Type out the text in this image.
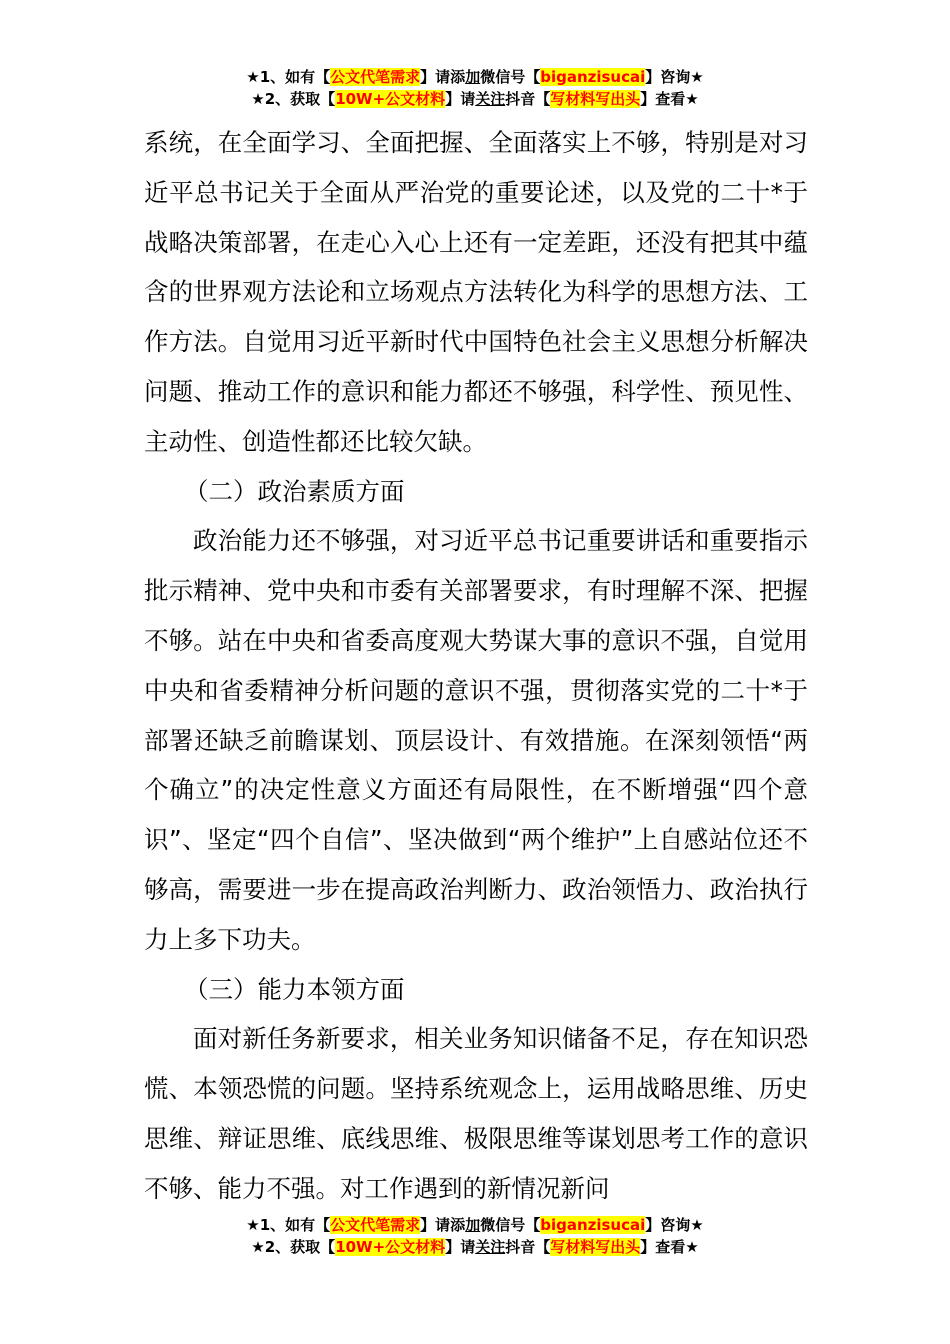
★1、如有【公文代笔需求】请添加微信号【biganzisucai】咨询★
★2、获取【10W+公文材料】请关注抖音【写材料写出头】查看★

系统，在全面学习、全面把握、全面落实上不够，特别是对习近平总书记关于全面从严治党的重要论述，以及党的二十*于战略决策部署，在走心入心上还有一定差距，还没有把其中蕴含的世界观方法论和立场观点方法转化为科学的思想方法、工作方法。自觉用习近平新时代中国特色社会主义思想分析解决问题、推动工作的意识和能力都还不够强，科学性、预见性、主动性、创造性都还比较欠缺。

（二）政治素质方面

政治能力还不够强，对习近平总书记重要讲话和重要指示批示精神、党中央和市委有关部署要求，有时理解不深、把握不够。站在中央和省委高度观大势谋大事的意识不强，自觉用中央和省委精神分析问题的意识不强，贯彻落实党的二十*于部署还缺乏前瞻谋划、顶层设计、有效措施。在深刻领悟“两个确立”的决定性意义方面还有局限性，在不断增强“四个意识”、坚定“四个自信”、坚决做到“两个维护”上自感站位还不够高，需要进一步在提高政治判断力、政治领悟力、政治执行力上多下功夫。

（三）能力本领方面

面对新任务新要求，相关业务知识储备不足，存在知识恐慌、本领恐慌的问题。坚持系统观念上，运用战略思维、历史思维、辩证思维、底线思维、极限思维等谋划思考工作的意识不够、能力不强。对工作遇到的新情况新问

★1、如有【公文代笔需求】请添加微信号【biganzisucai】咨询★
★2、获取【10W+公文材料】请关注抖音【写材料写出头】查看★
